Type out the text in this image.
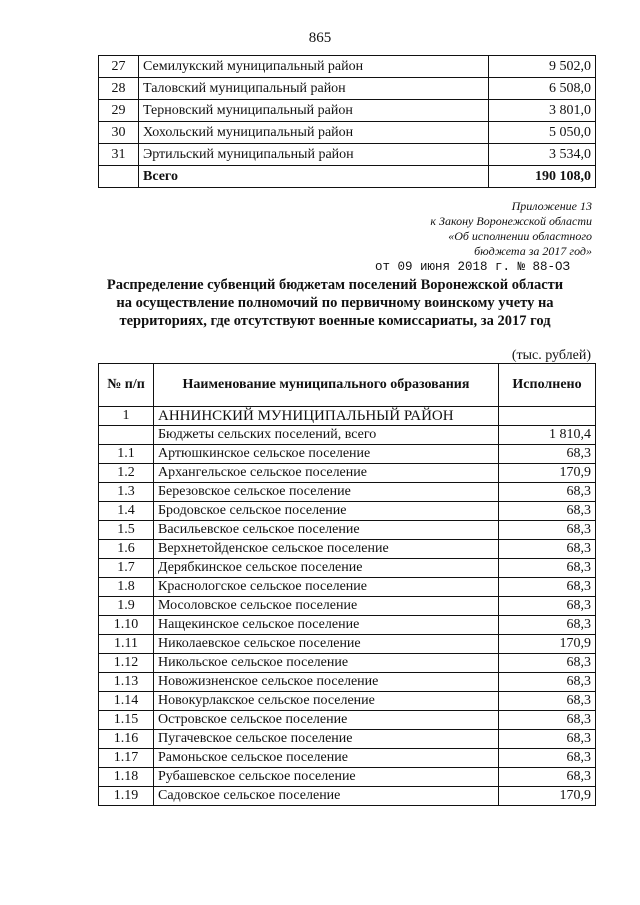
865
27	Семилукский муниципальный район	9 502,0
28	Таловский муниципальный район	6 508,0
29	Терновский муниципальный район	3 801,0
30	Хохольский муниципальный район	5 050,0
31	Эртильский муниципальный район	3 534,0
	Всего	190 108,0
Приложение 13
к Закону Воронежской области
«Об исполнении областного
бюджета за 2017 год»
от 09 июня 2018 г. № 88-ОЗ
Распределение субвенций бюджетам поселений Воронежской области
на осуществление полномочий по первичному воинскому учету на
территориях, где отсутствуют военные комиссариаты, за 2017 год
(тыс. рублей)
№ п/п	Наименование муниципального образования	Исполнено
1	АННИНСКИЙ МУНИЦИПАЛЬНЫЙ РАЙОН	
	Бюджеты сельских поселений, всего	1 810,4
1.1	Артюшкинское сельское поселение	68,3
1.2	Архангельское сельское поселение	170,9
1.3	Березовское сельское поселение	68,3
1.4	Бродовское сельское поселение	68,3
1.5	Васильевское сельское поселение	68,3
1.6	Верхнетойденское сельское поселение	68,3
1.7	Дерябкинское сельское поселение	68,3
1.8	Краснологское сельское поселение	68,3
1.9	Мосоловское сельское поселение	68,3
1.10	Нащекинское сельское поселение	68,3
1.11	Николаевское сельское поселение	170,9
1.12	Никольское сельское поселение	68,3
1.13	Новожизненское сельское поселение	68,3
1.14	Новокурлакское сельское поселение	68,3
1.15	Островское сельское поселение	68,3
1.16	Пугачевское сельское поселение	68,3
1.17	Рамоньское сельское поселение	68,3
1.18	Рубашевское сельское поселение	68,3
1.19	Садовское сельское поселение	170,9
